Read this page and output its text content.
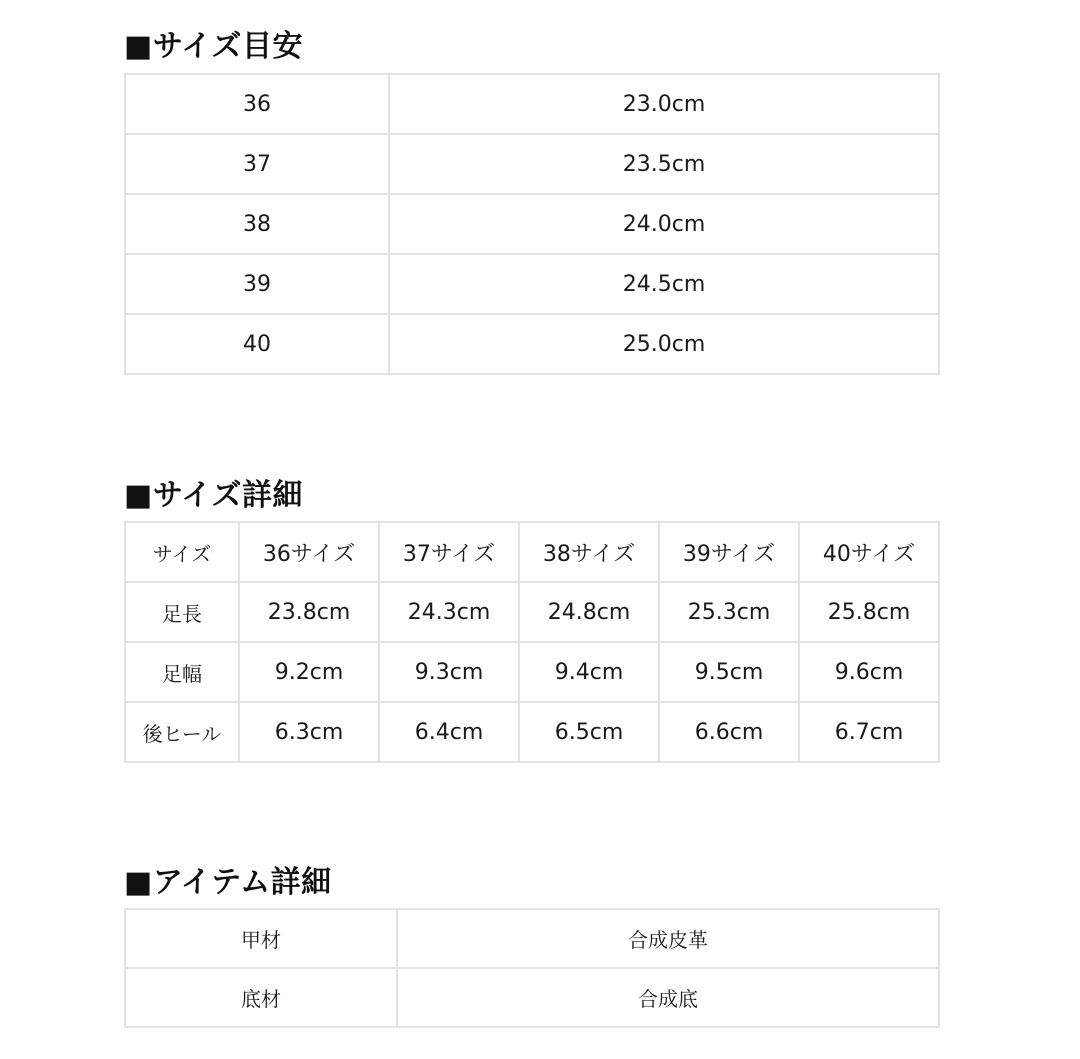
■サイズ目安
36	23.0cm
37	23.5cm
38	24.0cm
39	24.5cm
40	25.0cm
■サイズ詳細
サイズ	36サイズ	37サイズ	38サイズ	39サイズ	40サイズ
足長	23.8cm	24.3cm	24.8cm	25.3cm	25.8cm
足幅	9.2cm	9.3cm	9.4cm	9.5cm	9.6cm
後ヒール	6.3cm	6.4cm	6.5cm	6.6cm	6.7cm
■アイテム詳細
甲材	合成皮革
底材	合成底
